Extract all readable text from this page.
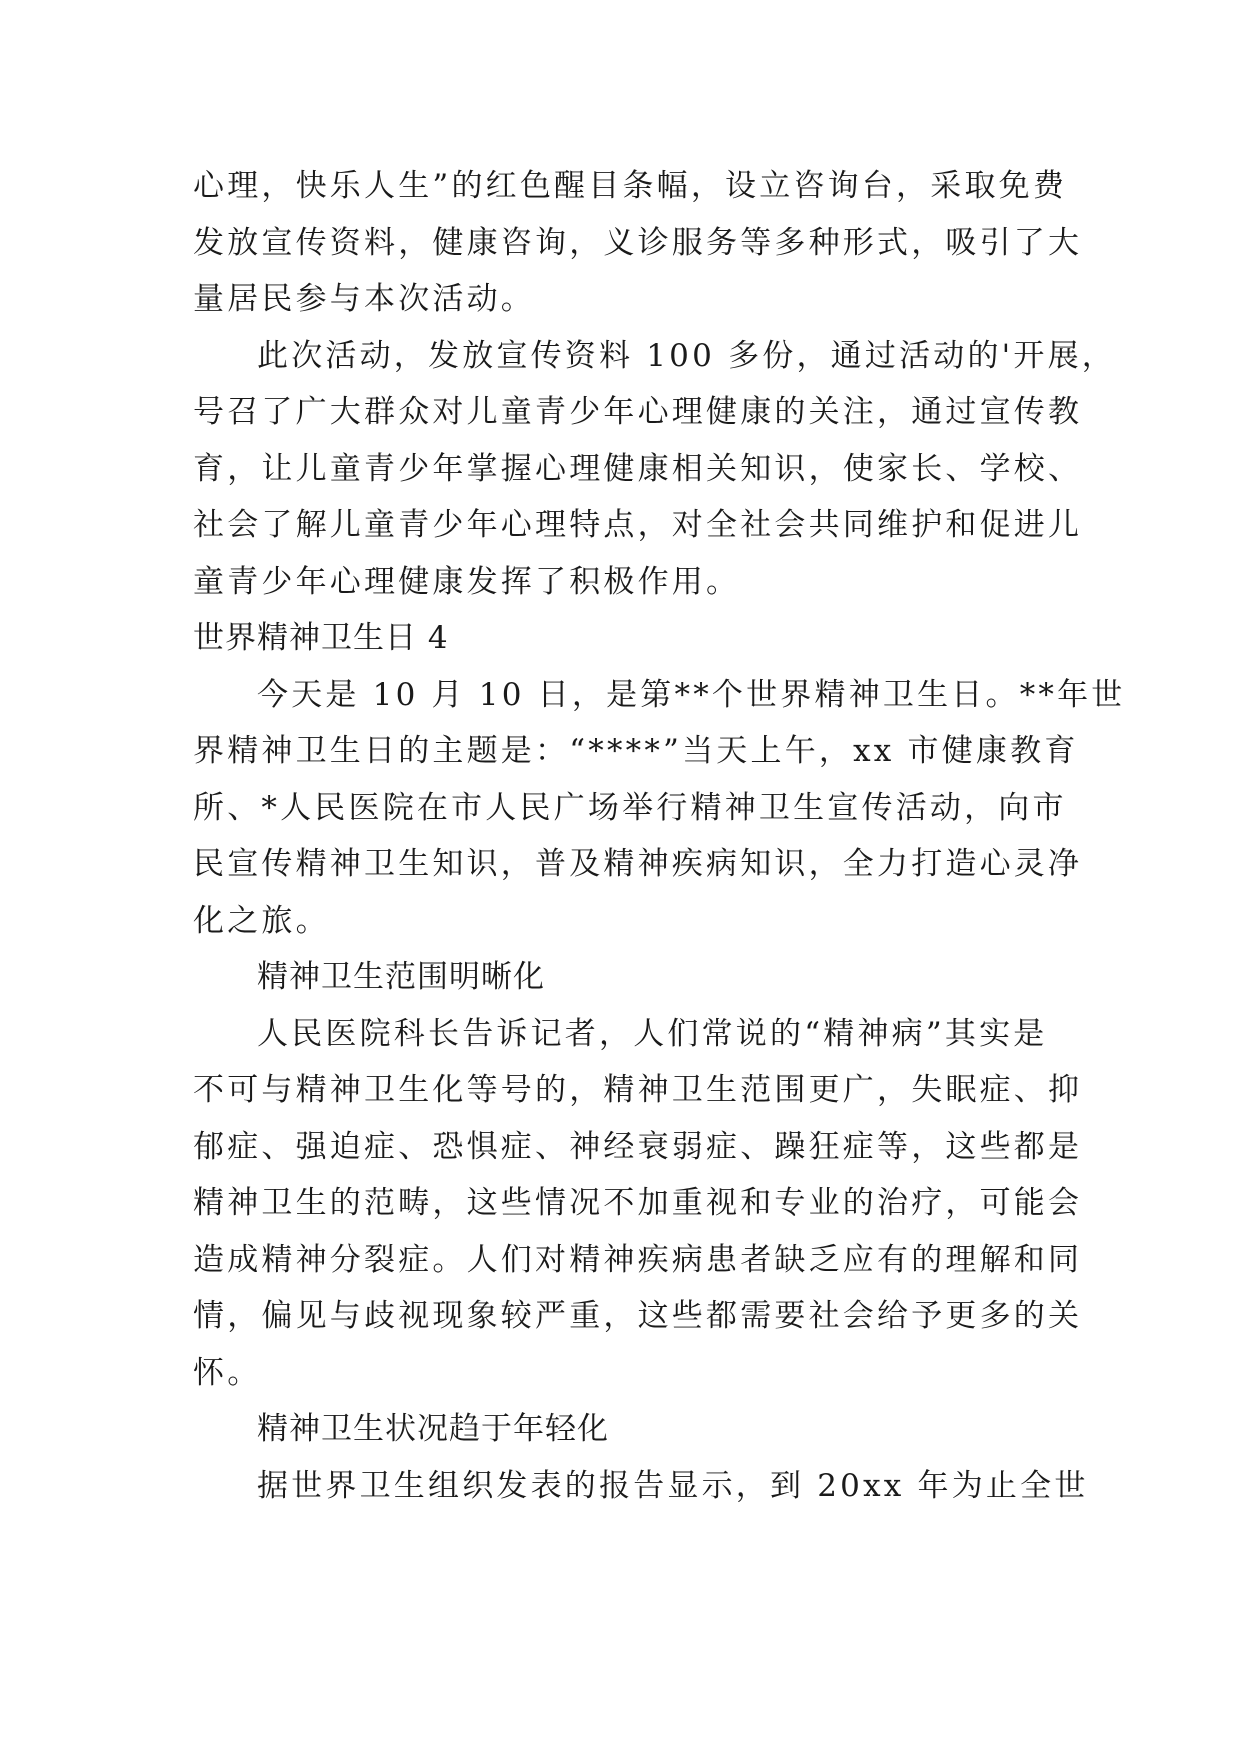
心理，快乐人生”的红色醒目条幅，设立咨询台，采取免费
发放宣传资料，健康咨询，义诊服务等多种形式，吸引了大
量居民参与本次活动。
此次活动，发放宣传资料 100 多份，通过活动的'开展，
号召了广大群众对儿童青少年心理健康的关注，通过宣传教
育，让儿童青少年掌握心理健康相关知识，使家长、学校、
社会了解儿童青少年心理特点，对全社会共同维护和促进儿
童青少年心理健康发挥了积极作用。
世界精神卫生日 4
今天是 10 月 10 日，是第**个世界精神卫生日。**年世
界精神卫生日的主题是：“****”当天上午，xx 市健康教育
所、*人民医院在市人民广场举行精神卫生宣传活动，向市
民宣传精神卫生知识，普及精神疾病知识，全力打造心灵净
化之旅。
精神卫生范围明晰化
人民医院科长告诉记者，人们常说的“精神病”其实是
不可与精神卫生化等号的，精神卫生范围更广，失眠症、抑
郁症、强迫症、恐惧症、神经衰弱症、躁狂症等，这些都是
精神卫生的范畴，这些情况不加重视和专业的治疗，可能会
造成精神分裂症。人们对精神疾病患者缺乏应有的理解和同
情，偏见与歧视现象较严重，这些都需要社会给予更多的关
怀。
精神卫生状况趋于年轻化
据世界卫生组织发表的报告显示，到 20xx 年为止全世
